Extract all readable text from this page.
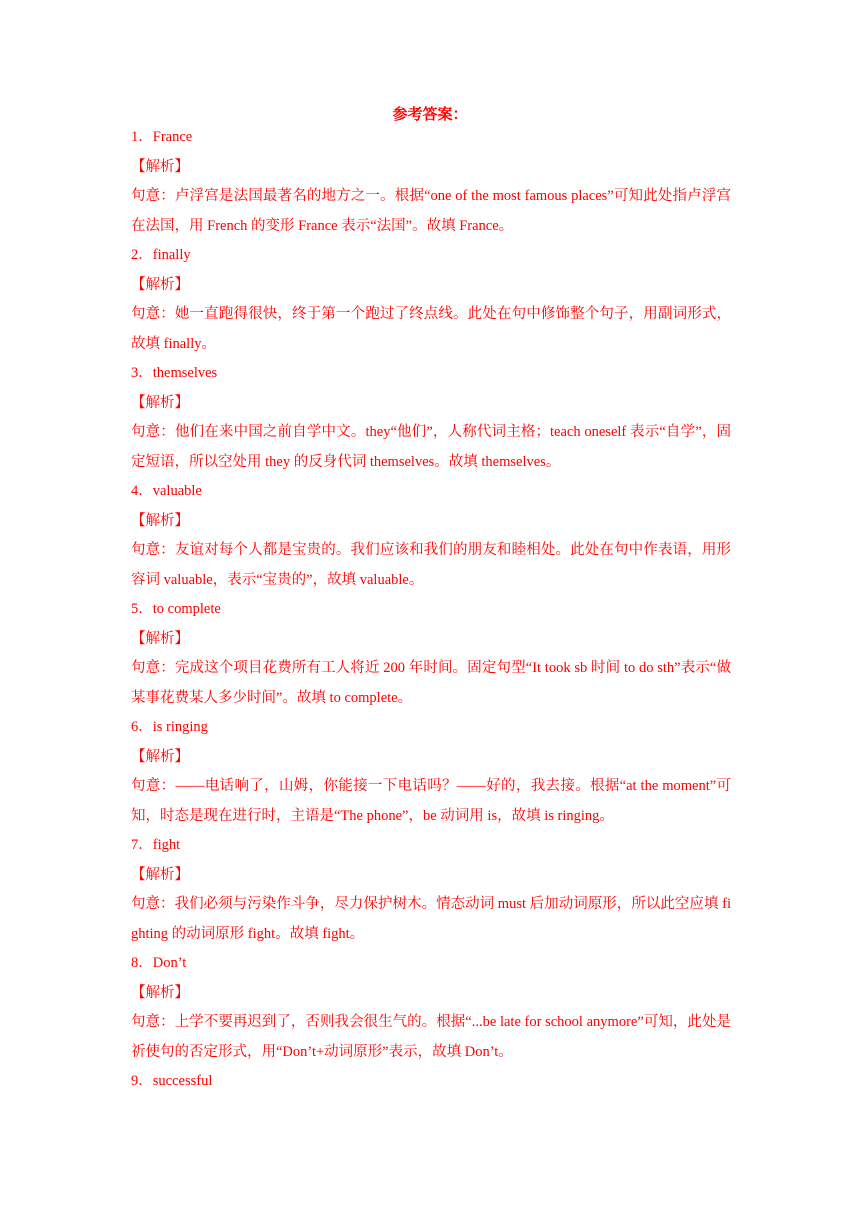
参考答案：
1．France
【解析】
句意：卢浮宫是法国最著名的地方之一。根据“one of the most famous places”可知此处指卢浮宫在法国，用 French 的变形 France 表示“法国”。故填 France。
2．finally
【解析】
句意：她一直跑得很快，终于第一个跑过了终点线。此处在句中修饰整个句子，用副词形式，故填 finally。
3．themselves
【解析】
句意：他们在来中国之前自学中文。they“他们”，人称代词主格；teach oneself 表示“自学”，固定短语，所以空处用 they 的反身代词 themselves。故填 themselves。
4．valuable
【解析】
句意：友谊对每个人都是宝贵的。我们应该和我们的朋友和睦相处。此处在句中作表语，用形容词 valuable，表示“宝贵的”，故填 valuable。
5．to complete
【解析】
句意：完成这个项目花费所有工人将近 200 年时间。固定句型“It took sb 时间 to do sth”表示“做某事花费某人多少时间”。故填 to complete。
6．is ringing
【解析】
句意：——电话响了，山姆，你能接一下电话吗？——好的，我去接。根据“at the moment”可知，时态是现在进行时，主语是“The phone”，be 动词用 is，故填 is ringing。
7．fight
【解析】
句意：我们必须与污染作斗争，尽力保护树木。情态动词 must 后加动词原形，所以此空应填 fighting 的动词原形 fight。故填 fight。
8．Don’t
【解析】
句意：上学不要再迟到了，否则我会很生气的。根据“...be late for school anymore”可知，此处是祈使句的否定形式，用“Don’t+动词原形”表示，故填 Don’t。
9．successful
